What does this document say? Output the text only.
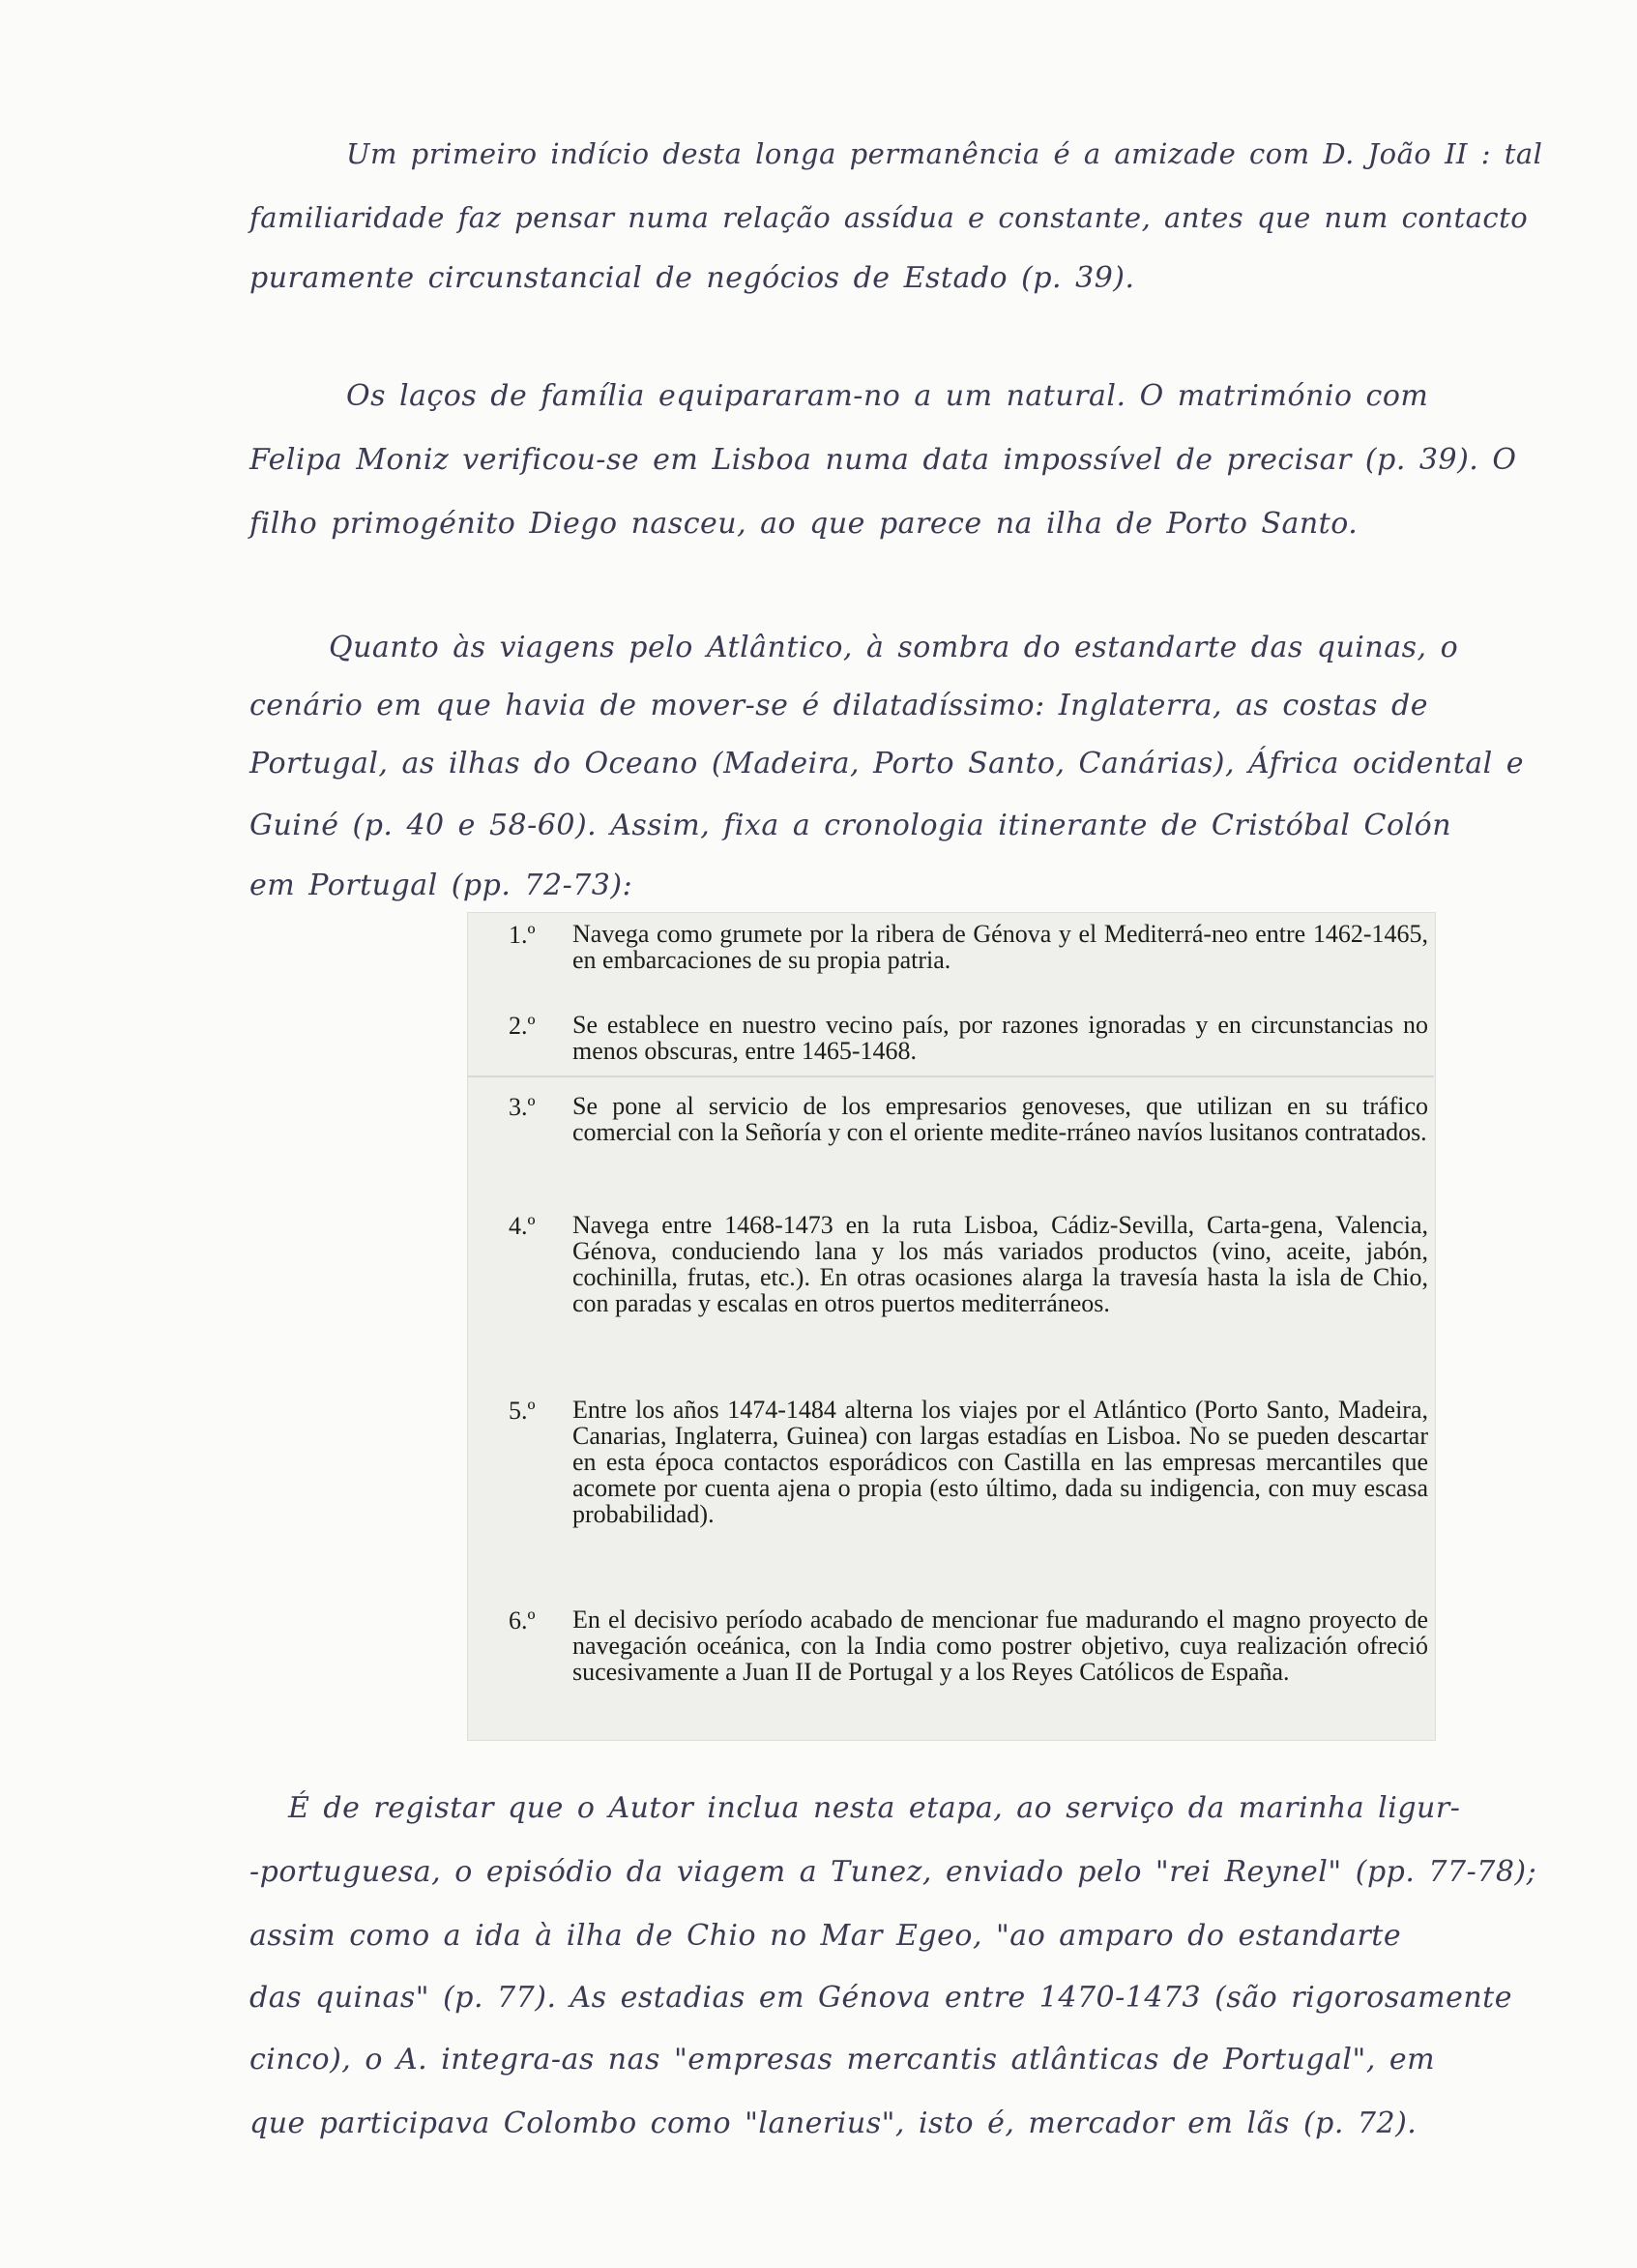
Um primeiro indício desta longa permanência é a amizade com D. João II : tal
familiaridade faz pensar numa relação assídua e constante, antes que num contacto
puramente circunstancial de negócios de Estado (p. 39).
Os laços de família equipararam-no a um natural. O matrimónio com
Felipa Moniz verificou-se em Lisboa numa data impossível de precisar (p. 39). O
filho primogénito Diego nasceu, ao que parece na ilha de Porto Santo.
Quanto às viagens pelo Atlântico, à sombra do estandarte das quinas, o
cenário em que havia de mover-se é dilatadíssimo: Inglaterra, as costas de
Portugal, as ilhas do Oceano (Madeira, Porto Santo, Canárias), África ocidental e
Guiné (p. 40 e 58-60). Assim, fixa a cronologia itinerante de Cristóbal Colón
em Portugal (pp. 72-73):
1.º	Navega como grumete por la ribera de Génova y el Mediterrá-neo entre 1462-1465, en embarcaciones de su propia patria.
2.º	Se establece en nuestro vecino país, por razones ignoradas y en circunstancias no menos obscuras, entre 1465-1468.
3.º	Se pone al servicio de los empresarios genoveses, que utilizan en su tráfico comercial con la Señoría y con el oriente medite-rráneo navíos lusitanos contratados.
4.º	Navega entre 1468-1473 en la ruta Lisboa, Cádiz-Sevilla, Carta-gena, Valencia, Génova, conduciendo lana y los más variados productos (vino, aceite, jabón, cochinilla, frutas, etc.). En otras ocasiones alarga la travesía hasta la isla de Chio, con paradas y escalas en otros puertos mediterráneos.
5.º	Entre los años 1474-1484 alterna los viajes por el Atlántico (Porto Santo, Madeira, Canarias, Inglaterra, Guinea) con largas estadías en Lisboa. No se pueden descartar en esta época contactos esporádicos con Castilla en las empresas mercantiles que acomete por cuenta ajena o propia (esto último, dada su indigencia, con muy escasa probabilidad).
6.º	En el decisivo período acabado de mencionar fue madurando el magno proyecto de navegación oceánica, con la India como postrer objetivo, cuya realización ofreció sucesivamente a Juan II de Portugal y a los Reyes Católicos de España.
É de registar que o Autor inclua nesta etapa, ao serviço da marinha ligur-
-portuguesa, o episódio da viagem a Tunez, enviado pelo "rei Reynel" (pp. 77-78);
assim como a ida à ilha de Chio no Mar Egeo, "ao amparo do estandarte
das quinas" (p. 77). As estadias em Génova entre 1470-1473 (são rigorosamente
cinco), o A. integra-as nas "empresas mercantis atlânticas de Portugal", em
que participava Colombo como "lanerius", isto é, mercador em lãs (p. 72).
